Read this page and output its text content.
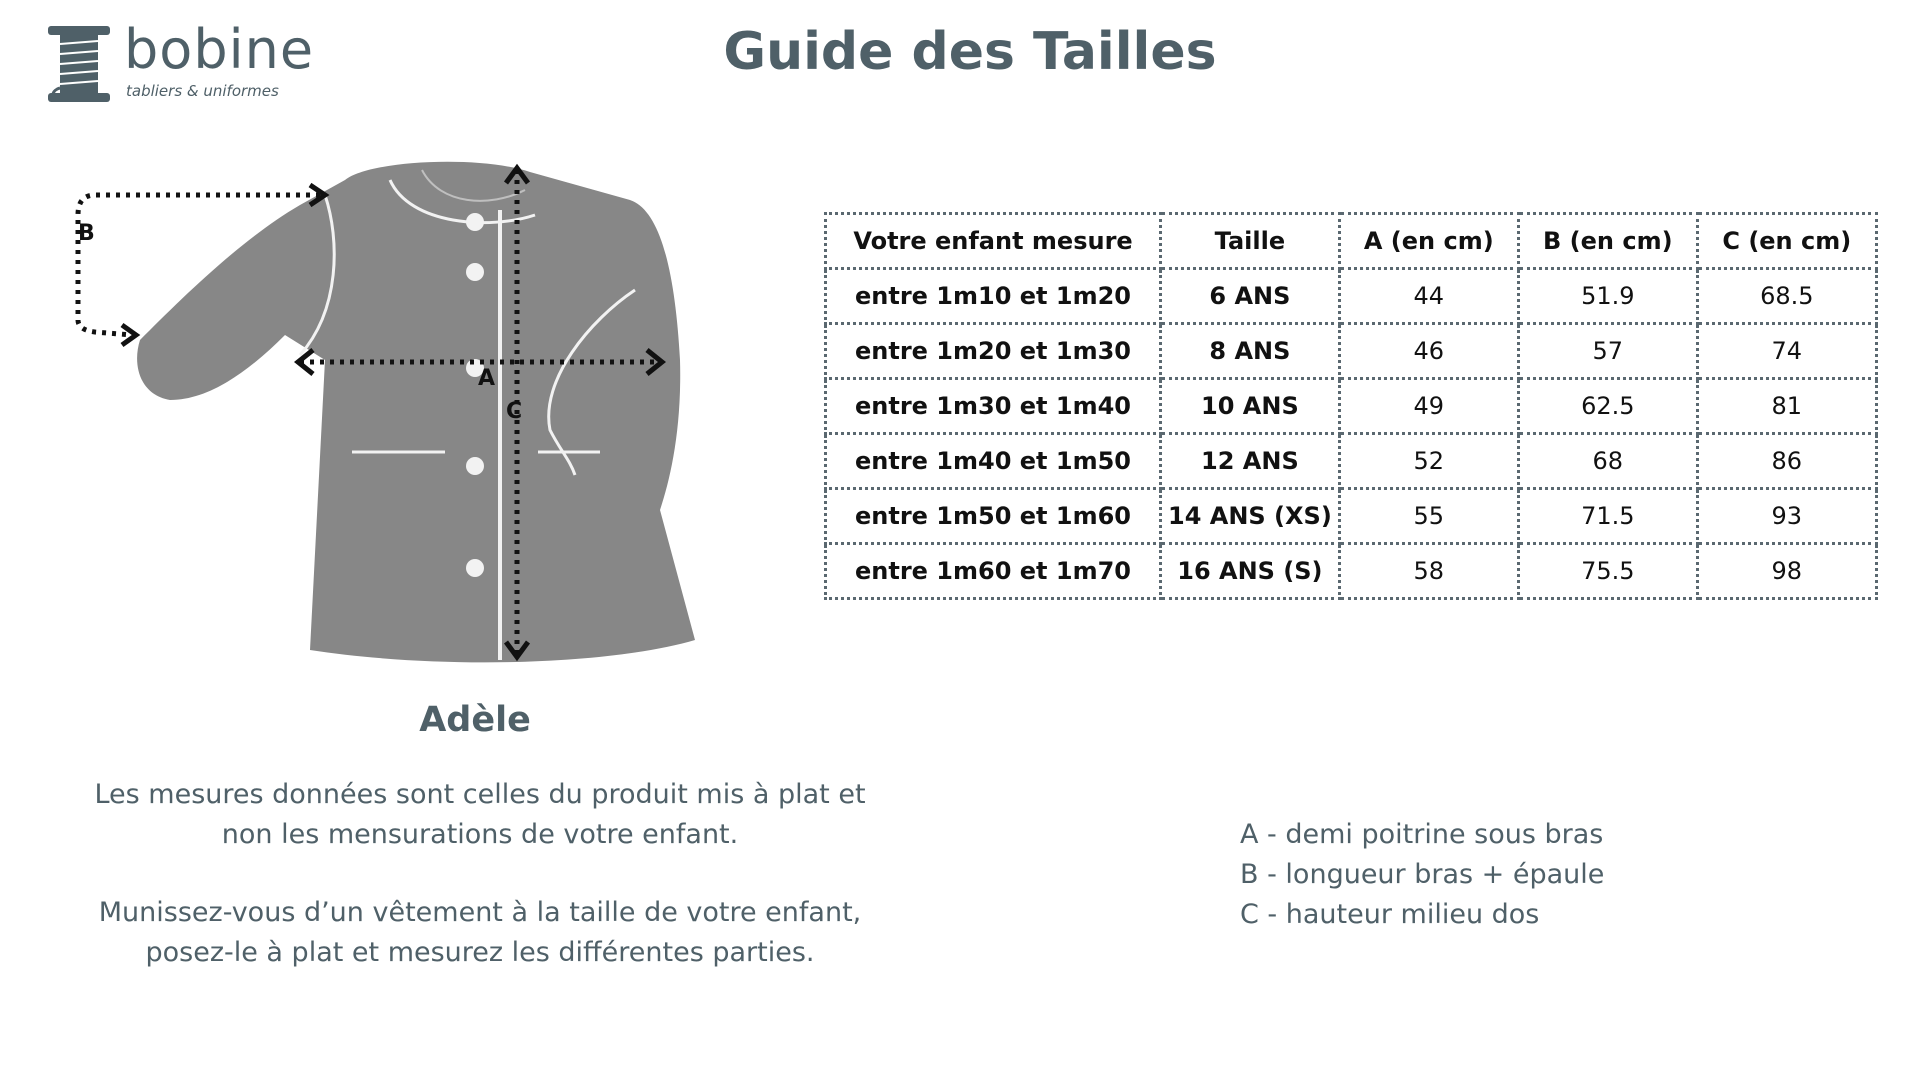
bobine
tabliers & uniformes
Guide des Tailles
B
A
C
Adèle
Votre enfant mesure	Taille	A (en cm)	B (en cm)	C (en cm)
entre 1m10 et 1m20	6 ANS	44	51.9	68.5
entre 1m20 et 1m30	8 ANS	46	57	74
entre 1m30 et 1m40	10 ANS	49	62.5	81
entre 1m40 et 1m50	12 ANS	52	68	86
entre 1m50 et 1m60	14 ANS (XS)	55	71.5	93
entre 1m60 et 1m70	16 ANS (S)	58	75.5	98

Les mesures données sont celles du produit mis à plat et

non les mensurations de votre enfant.

Munissez-vous d’un vêtement à la taille de votre enfant,

posez-le à plat et mesurez les différentes parties.

A - demi poitrine sous bras
B - longueur bras + épaule
C - hauteur milieu dos
